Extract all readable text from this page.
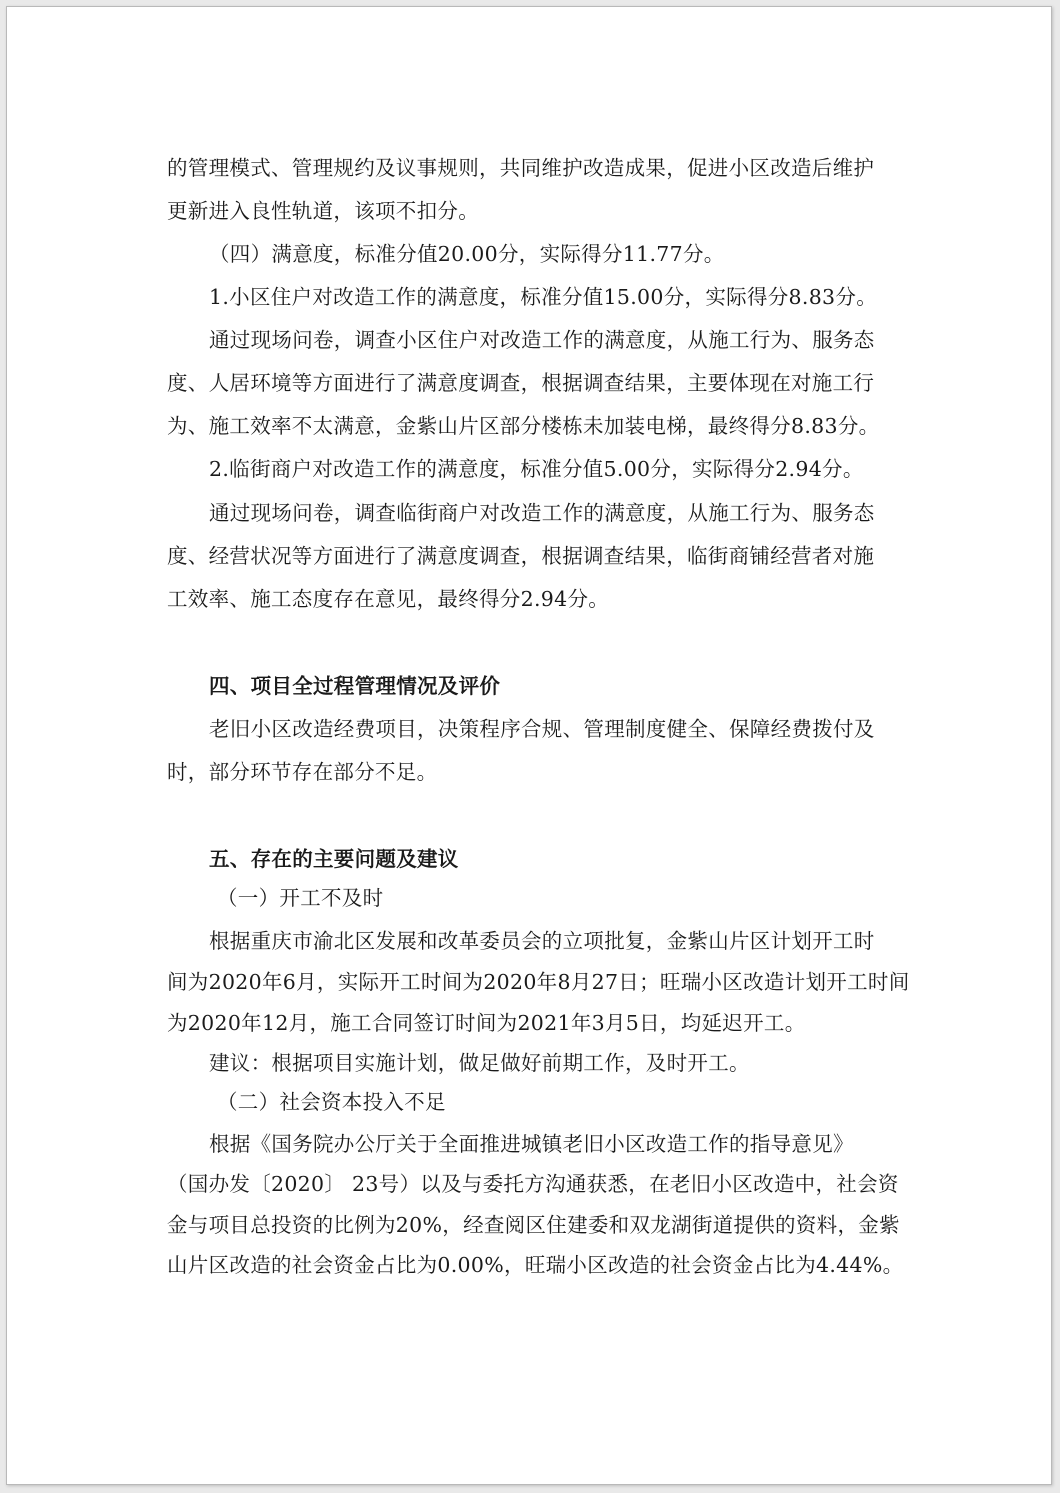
的管理模式、管理规约及议事规则，共同维护改造成果，促进小区改造后维护
更新进入良性轨道，该项不扣分。
（四）满意度，标准分值20.00分，实际得分11.77分。
1.小区住户对改造工作的满意度，标准分值15.00分，实际得分8.83分。
通过现场问卷，调查小区住户对改造工作的满意度，从施工行为、服务态
度、人居环境等方面进行了满意度调查，根据调查结果，主要体现在对施工行
为、施工效率不太满意，金紫山片区部分楼栋未加装电梯，最终得分8.83分。
2.临街商户对改造工作的满意度，标准分值5.00分，实际得分2.94分。
通过现场问卷，调查临街商户对改造工作的满意度，从施工行为、服务态
度、经营状况等方面进行了满意度调查，根据调查结果，临街商铺经营者对施
工效率、施工态度存在意见，最终得分2.94分。
四、项目全过程管理情况及评价
老旧小区改造经费项目，决策程序合规、管理制度健全、保障经费拨付及
时，部分环节存在部分不足。
五、存在的主要问题及建议
（一）开工不及时
根据重庆市渝北区发展和改革委员会的立项批复，金紫山片区计划开工时
间为2020年6月，实际开工时间为2020年8月27日；旺瑞小区改造计划开工时间
为2020年12月，施工合同签订时间为2021年3月5日，均延迟开工。
建议：根据项目实施计划，做足做好前期工作，及时开工。
（二）社会资本投入不足
根据《国务院办公厅关于全面推进城镇老旧小区改造工作的指导意见》
（国办发〔2020〕 23号）以及与委托方沟通获悉，在老旧小区改造中，社会资
金与项目总投资的比例为20%，经查阅区住建委和双龙湖街道提供的资料，金紫
山片区改造的社会资金占比为0.00%，旺瑞小区改造的社会资金占比为4.44%。
